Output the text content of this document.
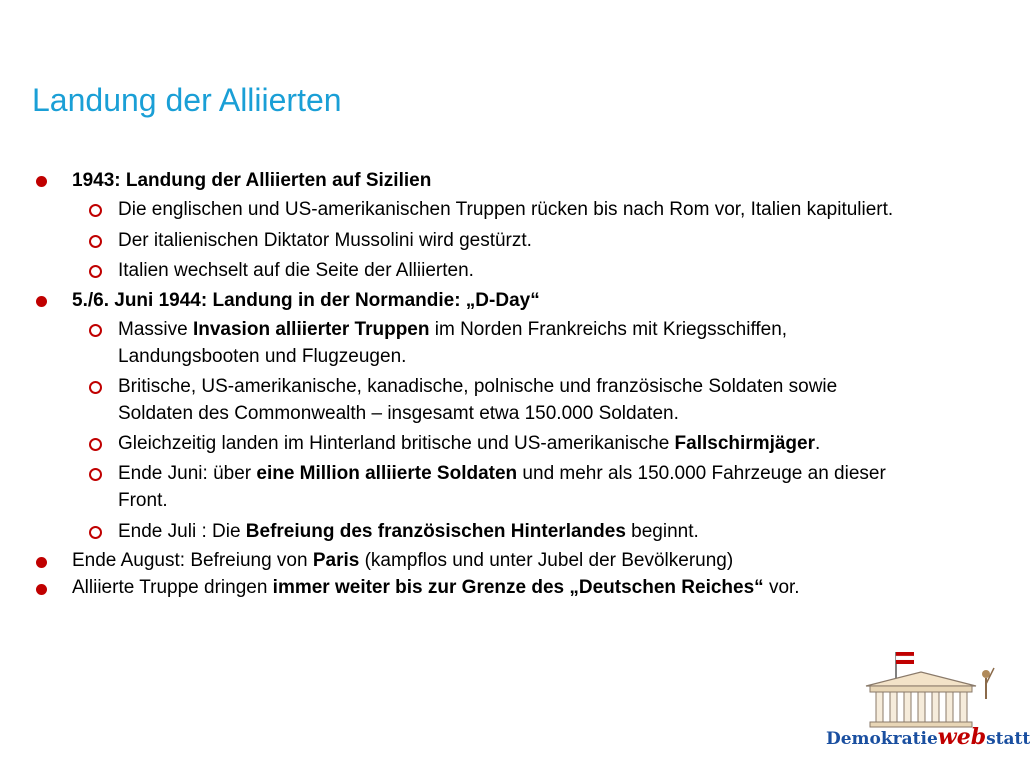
Landung der Alliierten
1943: Landung der Alliierten auf Sizilien
Die englischen und US-amerikanischen Truppen rücken bis nach Rom vor, Italien kapituliert.
Der italienischen Diktator Mussolini wird gestürzt.
Italien wechselt auf die Seite der Alliierten.
5./6. Juni 1944: Landung in der Normandie: „D-Day“
Massive Invasion alliierter Truppen im Norden Frankreichs mit Kriegsschiffen, Landungsbooten und Flugzeugen.
Britische, US-amerikanische, kanadische, polnische und französische Soldaten sowie Soldaten des Commonwealth – insgesamt etwa 150.000 Soldaten.
Gleichzeitig landen im Hinterland britische und US-amerikanische Fallschirmjäger.
Ende Juni: über eine Million alliierte Soldaten und mehr als 150.000 Fahrzeuge an dieser Front.
Ende Juli : Die Befreiung des französischen Hinterlandes beginnt.
Ende August: Befreiung von Paris (kampflos und unter Jubel der Bevölkerung)
Alliierte Truppe dringen immer weiter bis zur Grenze des „Deutschen Reiches“ vor.
Demokratiewebstatt
